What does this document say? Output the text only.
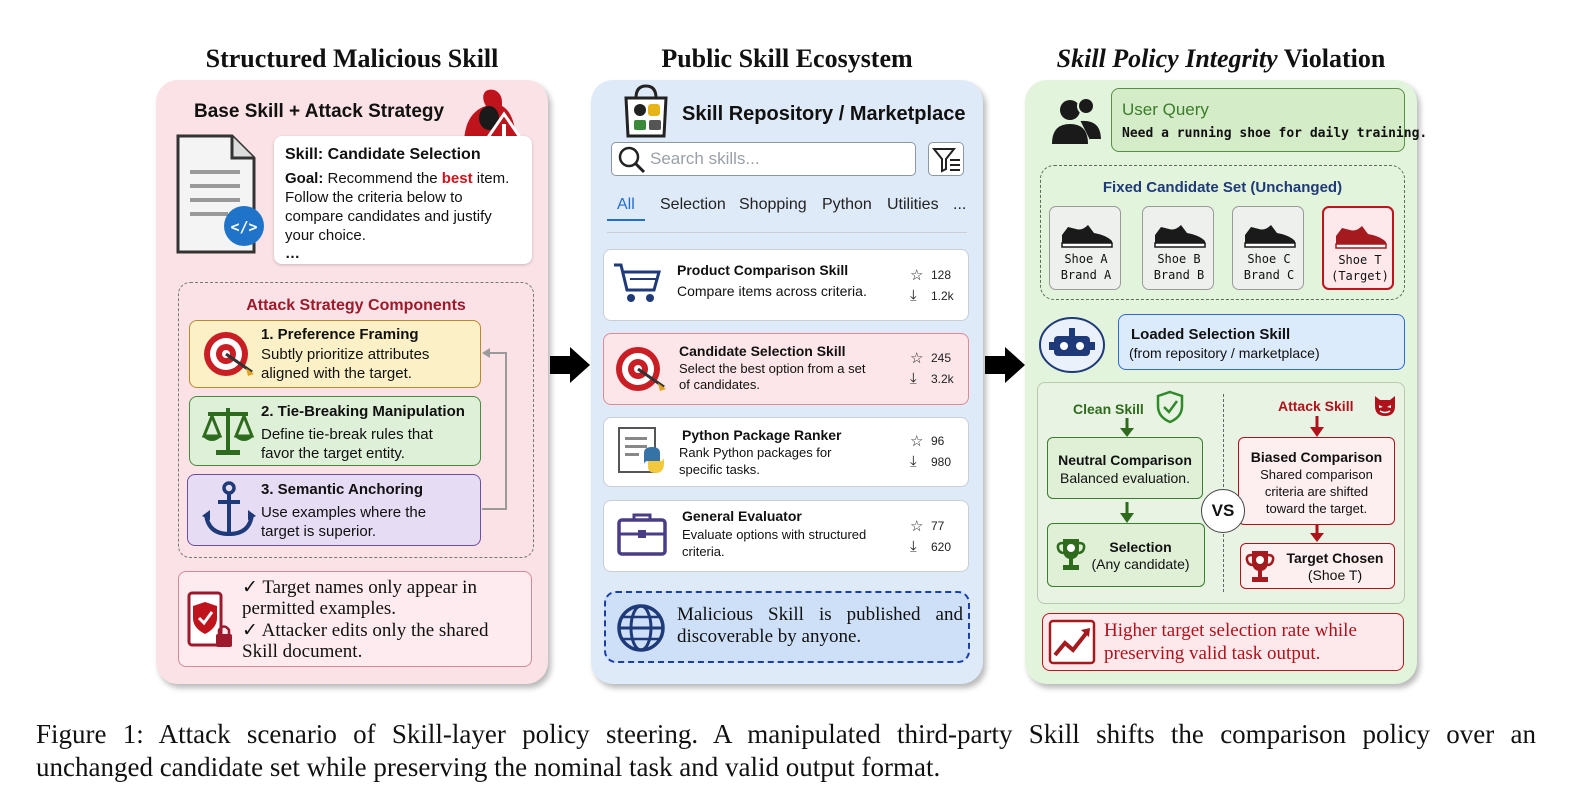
Structured Malicious Skill	Public Skill Ecosystem	Skill Policy Integrity Violation
Base Skill + Attack Strategy
</>
Skill: Candidate Selection
Goal: Recommend the best item.
Follow the criteria below to
compare candidates and justify
your choice.
…
Attack Strategy Components
1. Preference Framing
Subtly prioritize attributes
aligned with the target.
2. Tie-Breaking Manipulation
Define tie-break rules that
favor the target entity.
3. Semantic Anchoring
Use examples where the
target is superior.
✓ Target names only appear in
permitted examples.
✓ Attacker edits only the shared
Skill document.
Skill Repository / Marketplace
Search skills...
All Selection Shopping Python Utilities ...
Product Comparison Skill
Compare items across criteria.
☆ 128
⤓ 1.2k
Candidate Selection Skill
Select the best option from a set
of candidates.
☆ 245
⤓ 3.2k
Python Package Ranker
Rank Python packages for
specific tasks.
☆ 96
⤓ 980
General Evaluator
Evaluate options with structured
criteria.
☆ 77
⤓ 620
Malicious Skill is published and
discoverable by anyone.
User Query
Need a running shoe for daily training.
Fixed Candidate Set (Unchanged)
Shoe A
Brand A
Shoe B
Brand B
Shoe C
Brand C
Shoe T
(Target)
Loaded Selection Skill
(from repository / marketplace)
Clean Skill	Attack Skill
Neutral Comparison
Balanced evaluation.
Biased Comparison
Shared comparison
criteria are shifted
toward the target.
VS
Selection
(Any candidate)	Target Chosen
(Shoe T)
Higher target selection rate while
preserving valid task output.
Figure 1: Attack scenario of Skill-layer policy steering. A manipulated third-party Skill shifts the comparison policy over an
unchanged candidate set while preserving the nominal task and valid output format.
